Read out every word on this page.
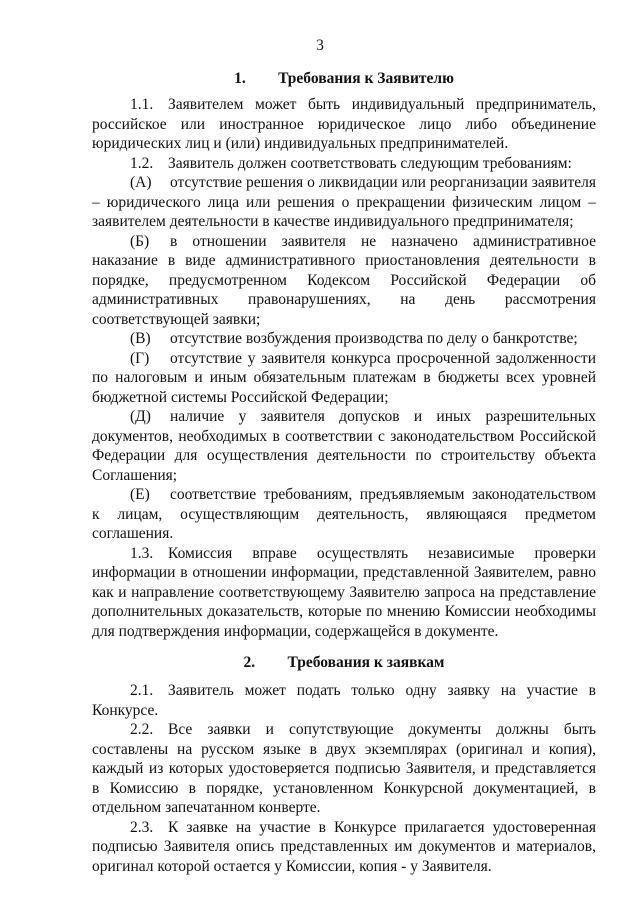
3
1. Требования к Заявителю

1.1. Заявителем может быть индивидуальный предприниматель, российское или иностранное юридическое лицо либо объединение юридических лиц и (или) индивидуальных предпринимателей.

1.2. Заявитель должен соответствовать следующим требованиям:

(А) отсутствие решения о ликвидации или реорганизации заявителя – юридического лица или решения о прекращении физическим лицом – заявителем деятельности в качестве индивидуального предпринимателя;

(Б) в отношении заявителя не назначено административное наказание в виде административного приостановления деятельности в порядке, предусмотренном Кодексом Российской Федерации об административных правонарушениях, на день рассмотрения соответствующей заявки;

(В) отсутствие возбуждения производства по делу о банкротстве;

(Г) отсутствие у заявителя конкурса просроченной задолженности по налоговым и иным обязательным платежам в бюджеты всех уровней бюджетной системы Российской Федерации;

(Д) наличие у заявителя допусков и иных разрешительных документов, необходимых в соответствии с законодательством Российской Федерации для осуществления деятельности по строительству объекта Соглашения;

(Е) соответствие требованиям, предъявляемым законодательством к лицам, осуществляющим деятельность, являющаяся предметом соглашения.

1.3. Комиссия вправе осуществлять независимые проверки информации в отношении информации, представленной Заявителем, равно как и направление соответствующему Заявителю запроса на представление дополнительных доказательств, которые по мнению Комиссии необходимы для подтверждения информации, содержащейся в документе.

2. Требования к заявкам

2.1. Заявитель может подать только одну заявку на участие в Конкурсе.

2.2. Все заявки и сопутствующие документы должны быть составлены на русском языке в двух экземплярах (оригинал и копия), каждый из которых удостоверяется подписью Заявителя, и представляется в Комиссию в порядке, установленном Конкурсной документацией, в отдельном запечатанном конверте.

2.3. К заявке на участие в Конкурсе прилагается удостоверенная подписью Заявителя опись представленных им документов и материалов, оригинал которой остается у Комиссии, копия - у Заявителя.
